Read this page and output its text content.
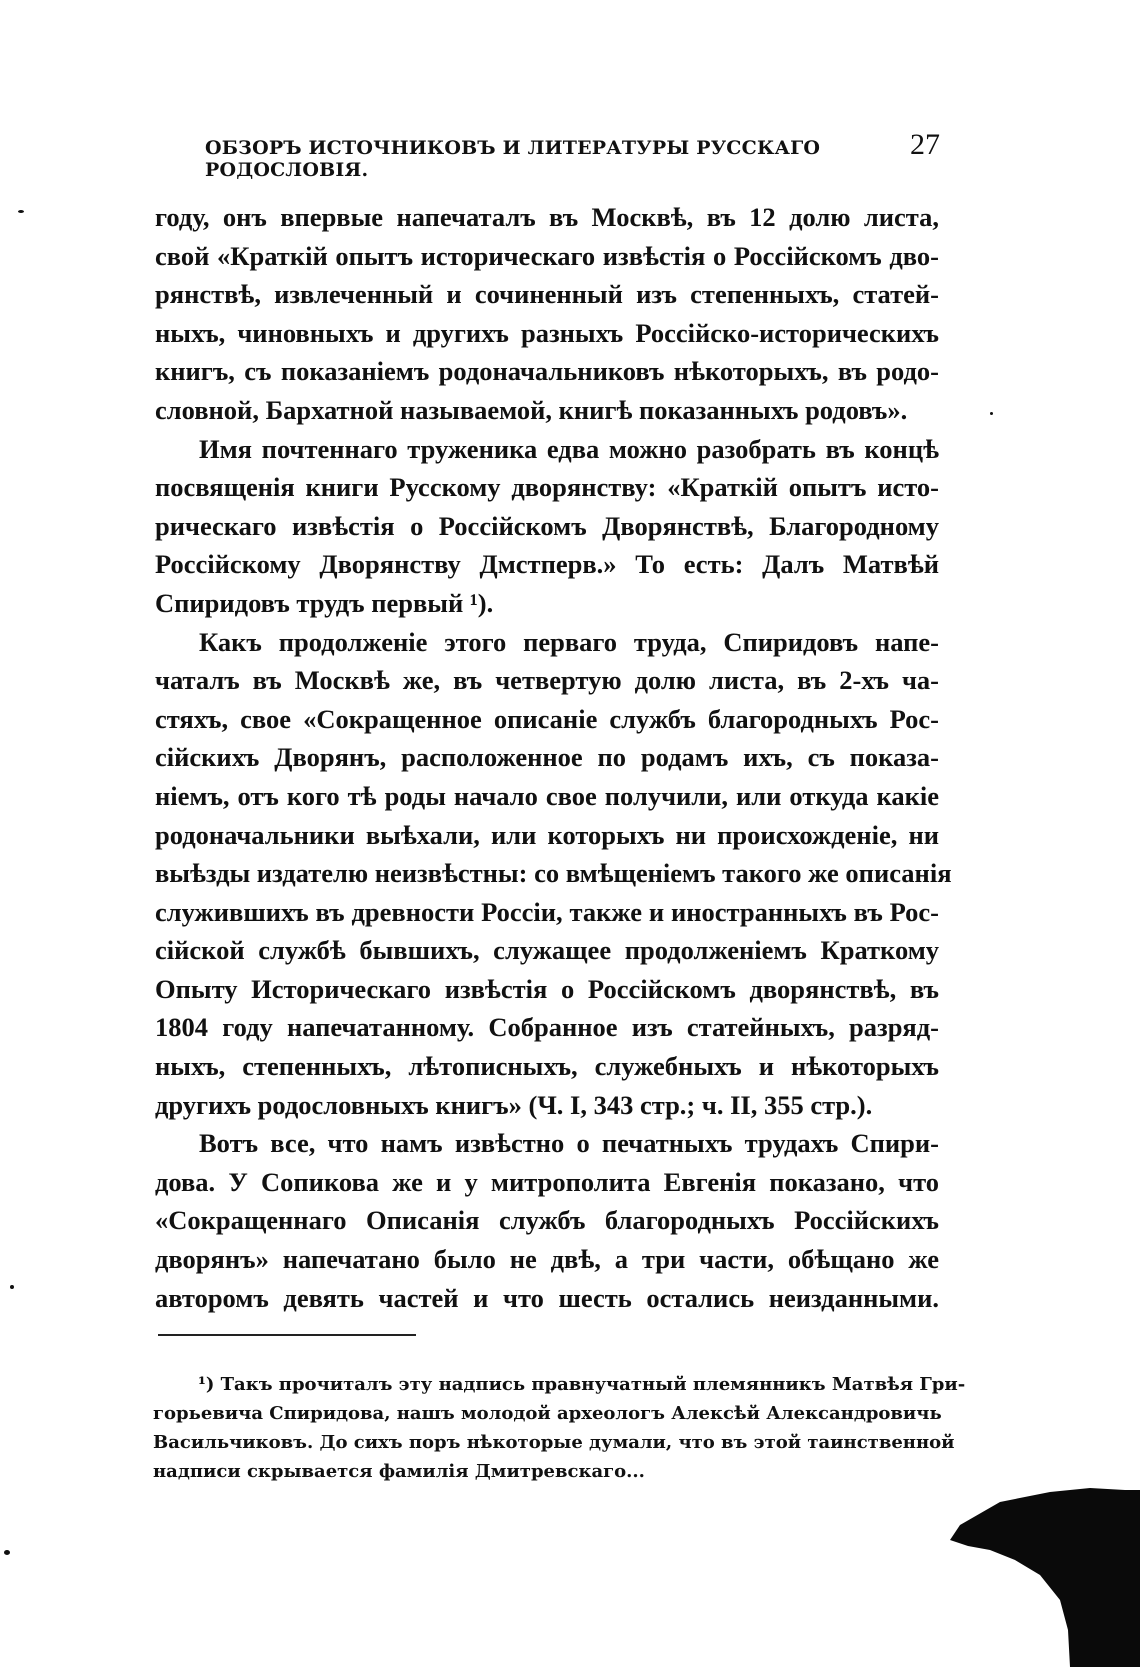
ОБЗОРЪ ИСТОЧНИКОВЪ И ЛИТЕРАТУРЫ РУССКАГО РОДОСЛОВІЯ.
27
году, онъ впервые напечаталъ въ Москвѣ, въ 12 долю листа,
свой «Краткій опытъ историческаго извѣстія о Россійскомъ дво-
рянствѣ, извлеченный и сочиненный изъ степенныхъ, статей-
ныхъ, чиновныхъ и другихъ разныхъ Россійско-историческихъ
книгъ, съ показаніемъ родоначальниковъ нѣкоторыхъ, въ родо-
словной, Бархатной называемой, книгѣ показанныхъ родовъ».
Имя почтеннаго труженика едва можно разобрать въ концѣ
посвященія книги Русскому дворянству: «Краткій опытъ исто-
рическаго извѣстія о Россійскомъ Дворянствѣ, Благородному
Россійскому Дворянству Дмстперв.» То есть: Далъ Матвѣй
Спиридовъ трудъ первый ¹).
Какъ продолженіе этого перваго труда, Спиридовъ напе-
чаталъ въ Москвѣ же, въ четвертую долю листа, въ 2-хъ ча-
стяхъ, свое «Сокращенное описаніе службъ благородныхъ Рос-
сійскихъ Дворянъ, расположенное по родамъ ихъ, съ показа-
ніемъ, отъ кого тѣ роды начало свое получили, или откуда какіе
родоначальники выѣхали, или которыхъ ни происхожденіе, ни
выѣзды издателю неизвѣстны: со вмѣщеніемъ такого же описанія
служившихъ въ древности Россіи, также и иностранныхъ въ Рос-
сійской службѣ бывшихъ, служащее продолженіемъ Краткому
Опыту Историческаго извѣстія о Россійскомъ дворянствѣ, въ
1804 году напечатанному. Собранное изъ статейныхъ, разряд-
ныхъ, степенныхъ, лѣтописныхъ, служебныхъ и нѣкоторыхъ
другихъ родословныхъ книгъ» (Ч. I, 343 стр.; ч. II, 355 стр.).
Вотъ все, что намъ извѣстно о печатныхъ трудахъ Спири-
дова. У Сопикова же и у митрополита Евгенія показано, что
«Сокращеннаго Описанія службъ благородныхъ Россійскихъ
дворянъ» напечатано было не двѣ, а три части, обѣщано же
авторомъ девять частей и что шесть остались неизданными.
¹) Такъ прочиталъ эту надпись правнучатный племянникъ Матвѣя Гри-
горьевича Спиридова, нашъ молодой археологъ Алексѣй Александровичь
Васильчиковъ. До сихъ поръ нѣкоторые думали, что въ этой таинственной
надписи скрывается фамилія Дмитревскаго...
